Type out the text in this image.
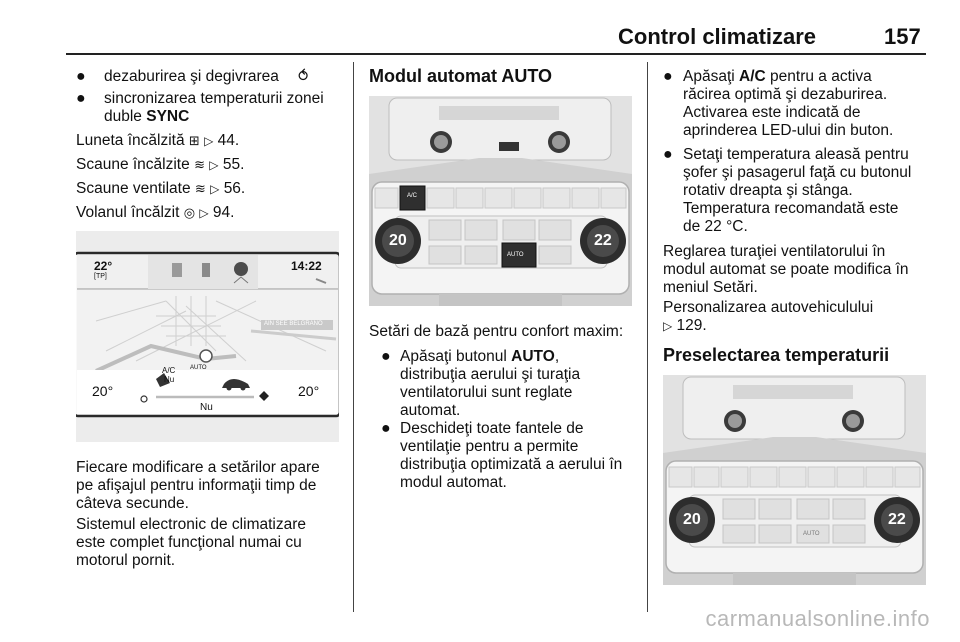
Control climatizare	157
● dezaburirea şi degivrarea ⥀
● sincronizarea temperaturii zonei
duble SYNC
Luneta încălzită ⊞ ▷ 44.
Scaune încălzite ≋ ▷ 55.
Scaune ventilate ≋ ▷ 56.
Volanul încălzit ◎ ▷ 94.
22°
[TP]
14:22
AIN SEE BELGRANO
A/C
Nu
AUTO
20°	20°
Nu
Fiecare modificare a setărilor apare
pe afişajul pentru informaţii timp de
câteva secunde.
Sistemul electronic de climatizare
este complet funcţional numai cu
motorul pornit.
Modul automat AUTO
20	22
A/C
AUTO
Setări de bază pentru confort maxim:
● Apăsaţi butonul AUTO,
distribuţia aerului şi turaţia
ventilatorului sunt reglate
automat.
● Deschideţi toate fantele de
ventilaţie pentru a permite
distribuţia optimizată a aerului în
modul automat.
● Apăsaţi A/C pentru a activa
răcirea optimă şi dezaburirea.
Activarea este indicată de
aprinderea LED-ului din buton.
● Setaţi temperatura aleasă pentru
şofer şi pasagerul faţă cu butonul
rotativ dreapta şi stânga.
Temperatura recomandată este
de 22 °C.
Reglarea turaţiei ventilatorului în
modul automat se poate modifica în
meniul Setări.
Personalizarea autovehiculului
▷ 129.
Preselectarea temperaturii
20	22
AUTO
carmanualsonline.info
